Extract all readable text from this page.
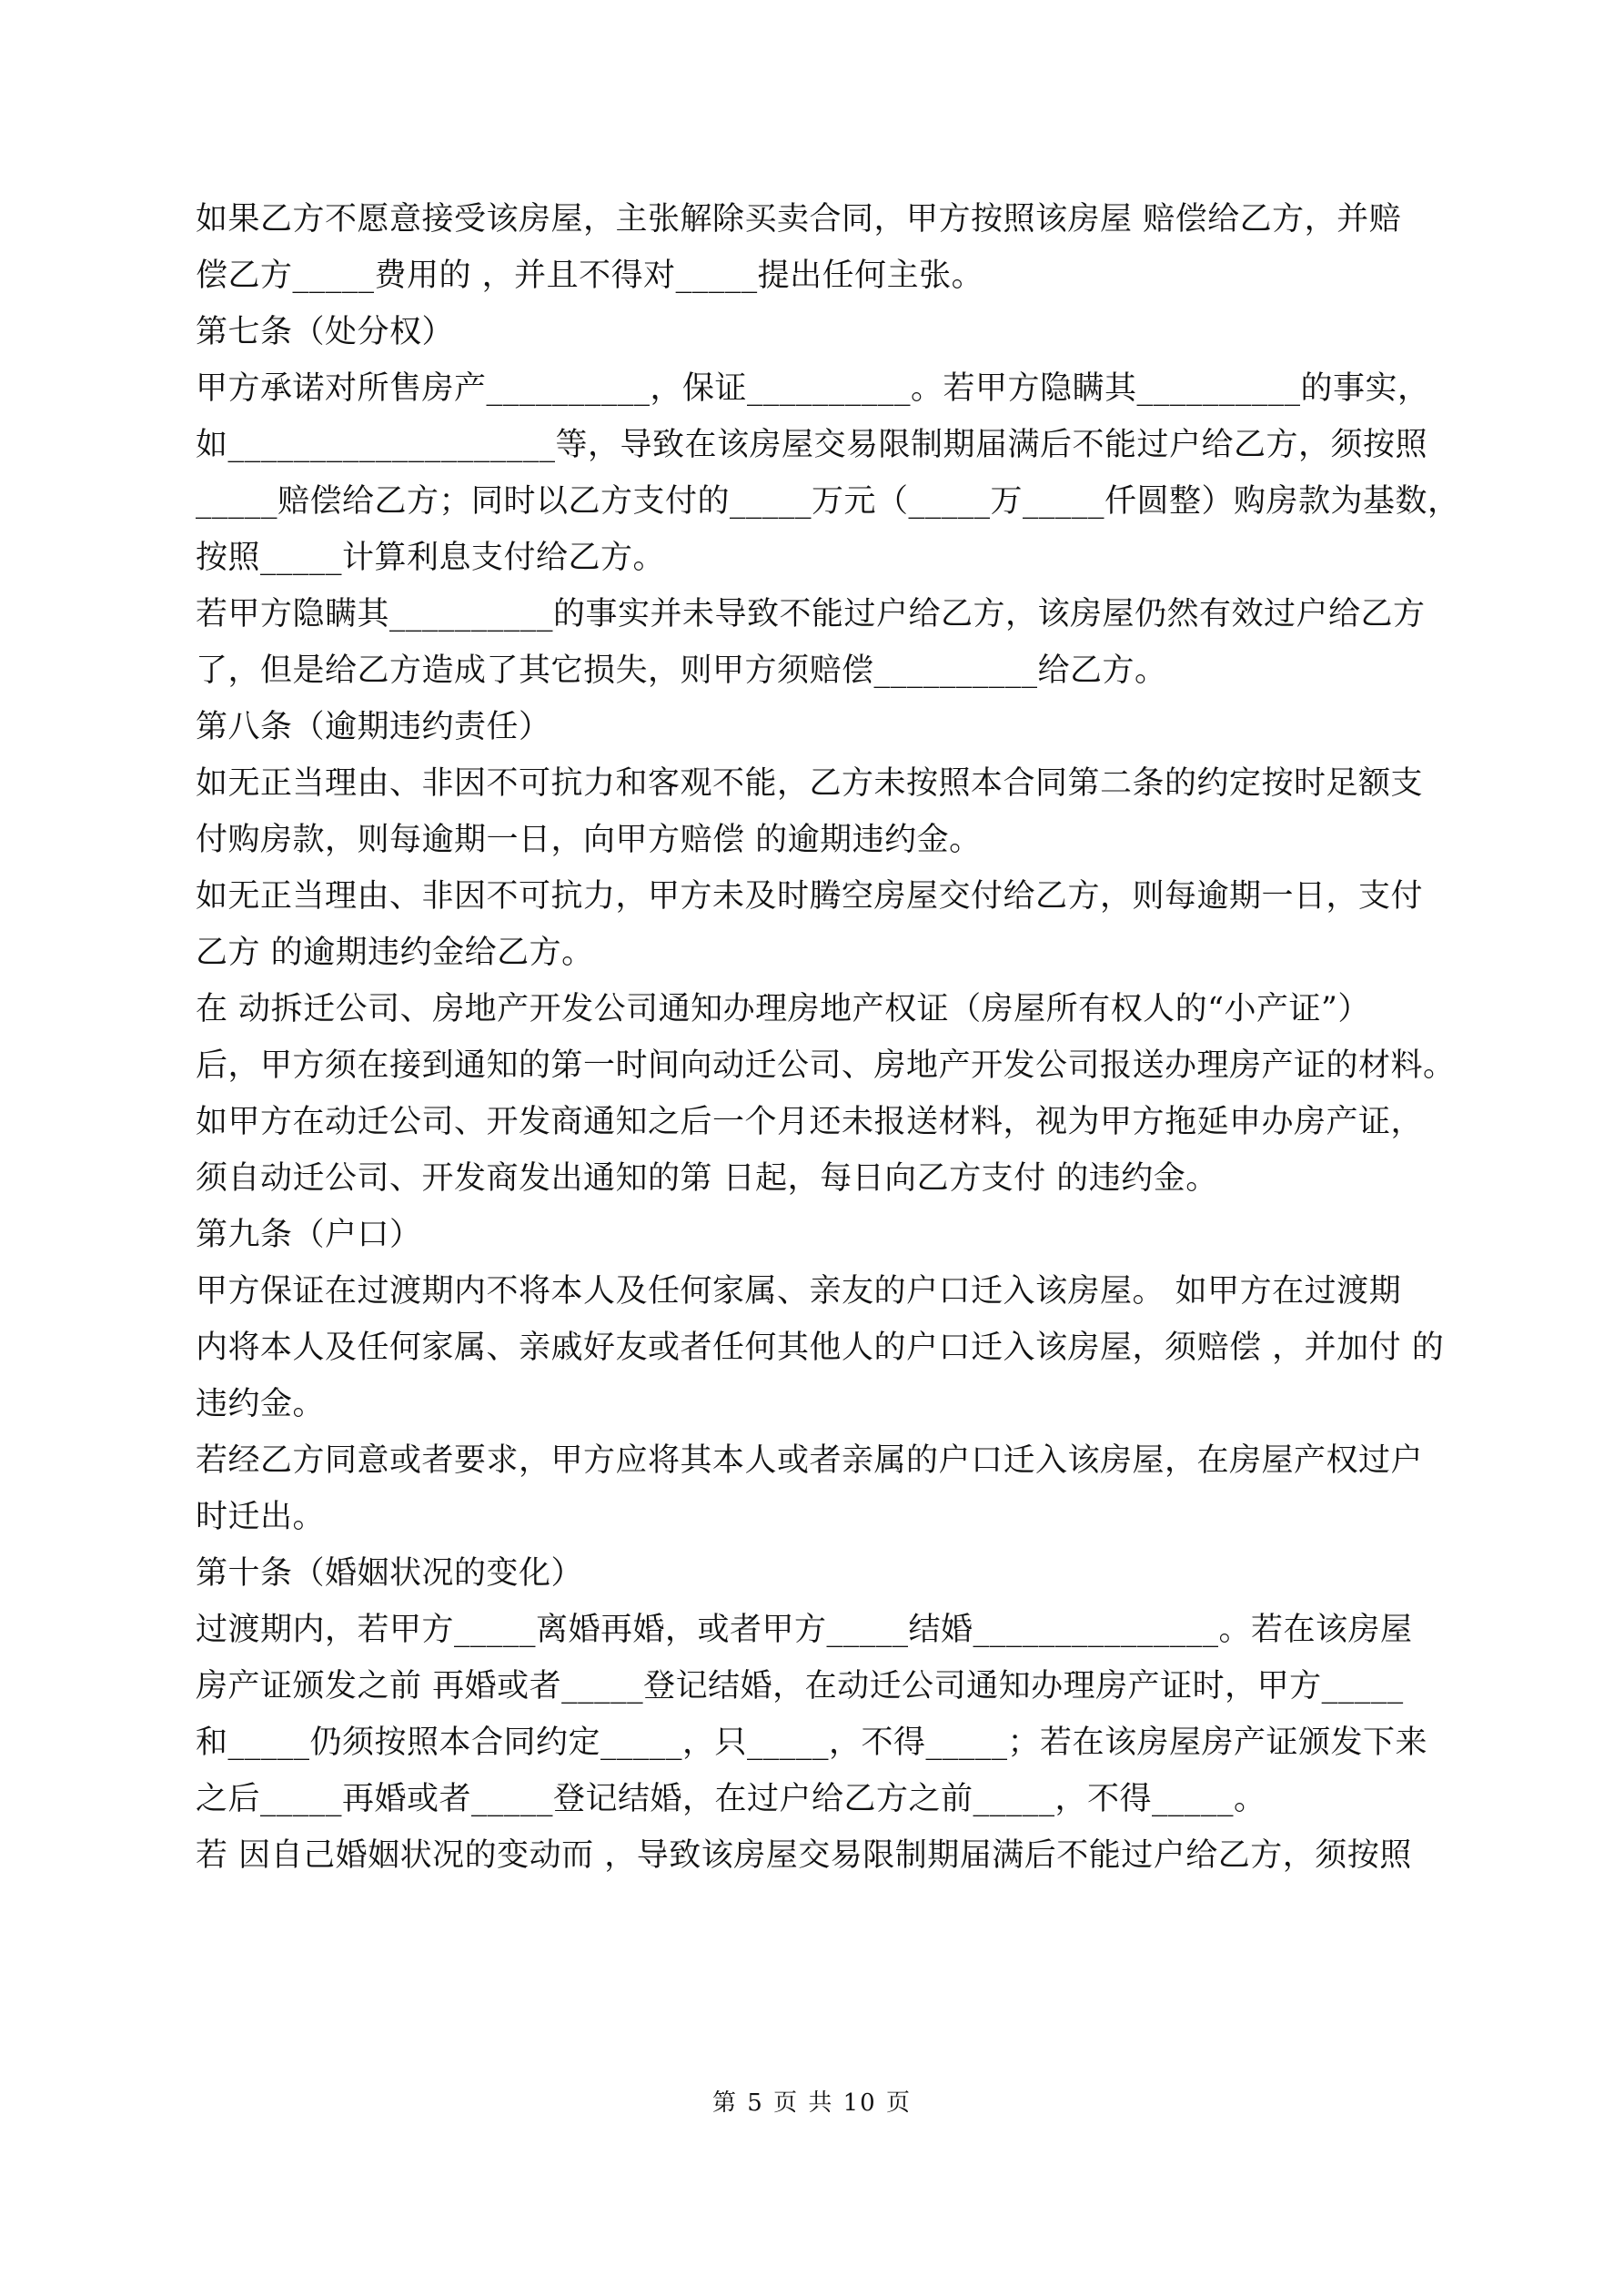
如果乙方不愿意接受该房屋，主张解除买卖合同，甲方按照该房屋 赔偿给乙方，并赔
偿乙方_____费用的 ，并且不得对_____提出任何主张。
第七条（处分权）
甲方承诺对所售房产__________，保证__________。若甲方隐瞒其__________的事实，
如____________________等，导致在该房屋交易限制期届满后不能过户给乙方，须按照
_____赔偿给乙方；同时以乙方支付的_____万元（_____万_____仟圆整）购房款为基数，
按照_____计算利息支付给乙方。
若甲方隐瞒其__________的事实并未导致不能过户给乙方，该房屋仍然有效过户给乙方
了，但是给乙方造成了其它损失，则甲方须赔偿__________给乙方。
第八条（逾期违约责任）
如无正当理由、非因不可抗力和客观不能，乙方未按照本合同第二条的约定按时足额支
付购房款，则每逾期一日，向甲方赔偿 的逾期违约金。
如无正当理由、非因不可抗力，甲方未及时腾空房屋交付给乙方，则每逾期一日，支付
乙方 的逾期违约金给乙方。
在 动拆迁公司、房地产开发公司通知办理房地产权证（房屋所有权人的“小产证”）
后，甲方须在接到通知的第一时间向动迁公司、房地产开发公司报送办理房产证的材料。
如甲方在动迁公司、开发商通知之后一个月还未报送材料，视为甲方拖延申办房产证，
须自动迁公司、开发商发出通知的第 日起，每日向乙方支付 的违约金。
第九条（户口）
甲方保证在过渡期内不将本人及任何家属、亲友的户口迁入该房屋。 如甲方在过渡期
内将本人及任何家属、亲戚好友或者任何其他人的户口迁入该房屋，须赔偿 ，并加付 的
违约金。
若经乙方同意或者要求，甲方应将其本人或者亲属的户口迁入该房屋，在房屋产权过户
时迁出。
第十条（婚姻状况的变化）
过渡期内，若甲方_____离婚再婚，或者甲方_____结婚_______________。若在该房屋
房产证颁发之前 再婚或者_____登记结婚，在动迁公司通知办理房产证时，甲方_____
和_____仍须按照本合同约定_____，只_____，不得_____；若在该房屋房产证颁发下来
之后_____再婚或者_____登记结婚，在过户给乙方之前_____，不得_____。
若 因自己婚姻状况的变动而 ，导致该房屋交易限制期届满后不能过户给乙方，须按照
第 5 页 共 10 页
